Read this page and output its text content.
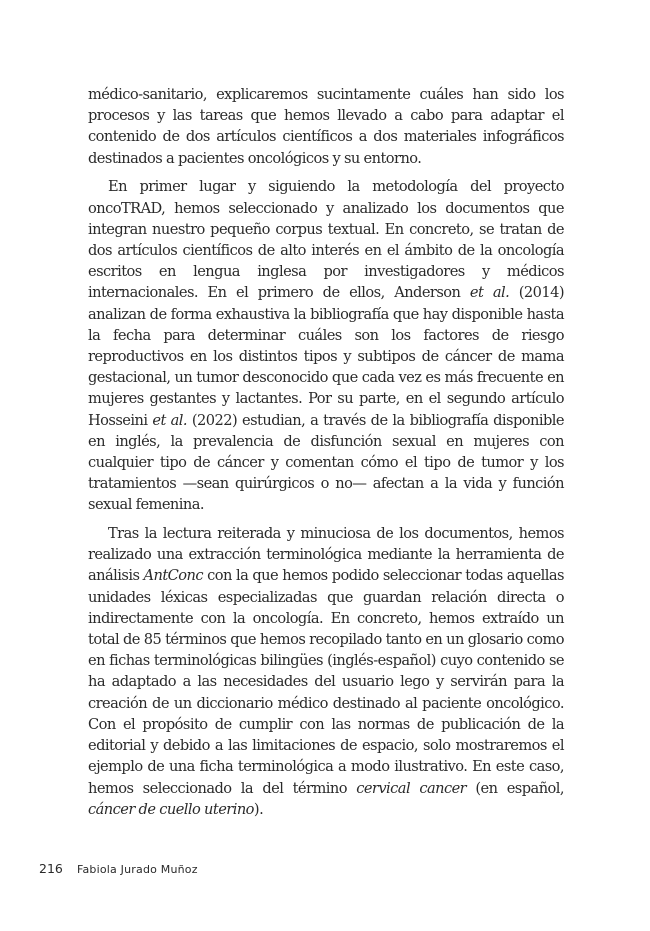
médico-sanitario, explicaremos sucintamente cuáles han sido los procesos y las tareas que hemos llevado a cabo para adaptar el contenido de dos artículos científicos a dos materiales infográficos destinados a pacientes oncológicos y su entorno.

En primer lugar y siguiendo la metodología del proyecto oncoTRAD, hemos seleccionado y analizado los documentos que integran nuestro pequeño corpus textual. En concreto, se tratan de dos artículos científicos de alto interés en el ámbito de la oncología escritos en lengua inglesa por investigadores y médicos internacionales. En el primero de ellos, Anderson et al. (2014) analizan de forma exhaustiva la bibliografía que hay disponible hasta la fecha para determinar cuáles son los factores de riesgo reproductivos en los distintos tipos y subtipos de cáncer de mama gestacional, un tumor desconocido que cada vez es más frecuente en mujeres gestantes y lactantes. Por su parte, en el segundo artículo Hosseini et al. (2022) estudian, a través de la bibliografía disponible en inglés, la prevalencia de disfunción sexual en mujeres con cualquier tipo de cáncer y comentan cómo el tipo de tumor y los tratamientos —sean quirúrgicos o no— afectan a la vida y función sexual femenina.

Tras la lectura reiterada y minuciosa de los documentos, hemos realizado una extracción terminológica mediante la herramienta de análisis AntConc con la que hemos podido seleccionar todas aquellas unidades léxicas especializadas que guardan relación directa o indirectamente con la oncología. En concreto, hemos extraído un total de 85 términos que hemos recopilado tanto en un glosario como en fichas terminológicas bilingües (inglés-español) cuyo contenido se ha adaptado a las necesidades del usuario lego y servirán para la creación de un diccionario médico destinado al paciente oncológico. Con el propósito de cumplir con las normas de publicación de la editorial y debido a las limitaciones de espacio, solo mostraremos el ejemplo de una ficha terminológica a modo ilustrativo. En este caso, hemos seleccionado la del término cervical cancer (en español, cáncer de cuello uterino).

216 Fabiola Jurado Muñoz
